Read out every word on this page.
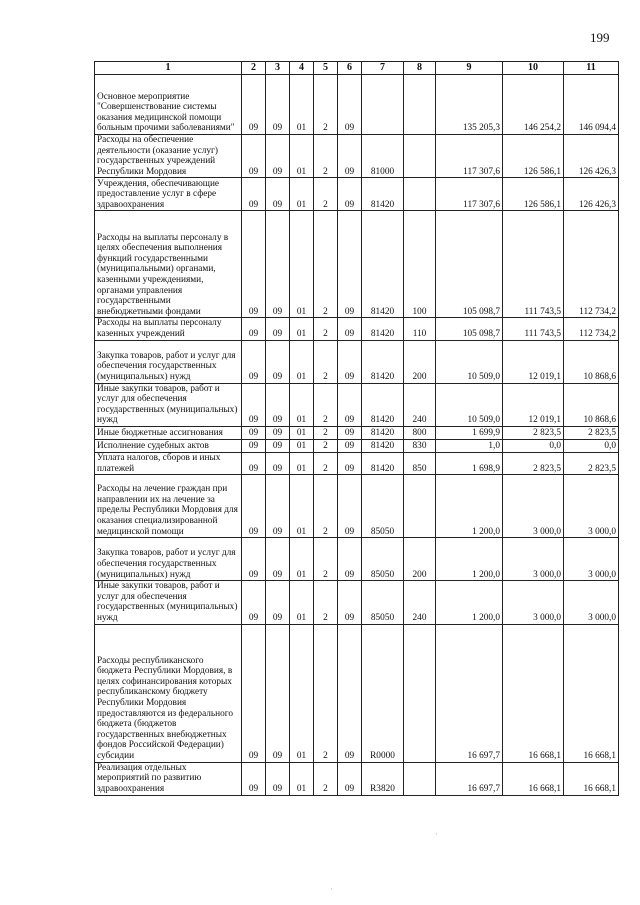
199
1	2	3	4	5	6	7	8	9	10	11
Основное мероприятие "Совершенствование системы оказания медицинской помощи больным прочими заболеваниями"	09	09	01	2	09			135 205,3	146 254,2	146 094,4
Расходы на обеспечение деятельности (оказание услуг) государственных учреждений Республики Мордовия	09	09	01	2	09	81000		117 307,6	126 586,1	126 426,3
Учреждения, обеспечивающие предоставление услуг в сфере здравоохранения	09	09	01	2	09	81420		117 307,6	126 586,1	126 426,3
Расходы на выплаты персоналу в целях обеспечения выполнения функций государственными (муниципальными) органами, казенными учреждениями, органами управления государственными внебюджетными фондами	09	09	01	2	09	81420	100	105 098,7	111 743,5	112 734,2
Расходы на выплаты персоналу казенных учреждений	09	09	01	2	09	81420	110	105 098,7	111 743,5	112 734,2
Закупка товаров, работ и услуг для обеспечения государственных (муниципальных) нужд	09	09	01	2	09	81420	200	10 509,0	12 019,1	10 868,6
Иные закупки товаров, работ и услуг для обеспечения государственных (муниципальных) нужд	09	09	01	2	09	81420	240	10 509,0	12 019,1	10 868,6
Иные бюджетные ассигнования	09	09	01	2	09	81420	800	1 699,9	2 823,5	2 823,5
Исполнение судебных актов	09	09	01	2	09	81420	830	1,0	0,0	0,0
Уплата налогов, сборов и иных платежей	09	09	01	2	09	81420	850	1 698,9	2 823,5	2 823,5
Расходы на лечение граждан при направлении их на лечение за пределы Республики Мордовия для оказания специализированной медицинской помощи	09	09	01	2	09	85050		1 200,0	3 000,0	3 000,0
Закупка товаров, работ и услуг для обеспечения государственных (муниципальных) нужд	09	09	01	2	09	85050	200	1 200,0	3 000,0	3 000,0
Иные закупки товаров, работ и услуг для обеспечения государственных (муниципальных) нужд	09	09	01	2	09	85050	240	1 200,0	3 000,0	3 000,0
Расходы республиканского бюджета Республики Мордовия, в целях софинансирования которых республиканскому бюджету Республики Мордовия предоставляются из федерального бюджета (бюджетов государственных внебюджетных фондов Российской Федерации) субсидии	09	09	01	2	09	R0000		16 697,7	16 668,1	16 668,1
Реализация отдельных мероприятий по развитию здравоохранения	09	09	01	2	09	R3820		16 697,7	16 668,1	16 668,1
·
·
